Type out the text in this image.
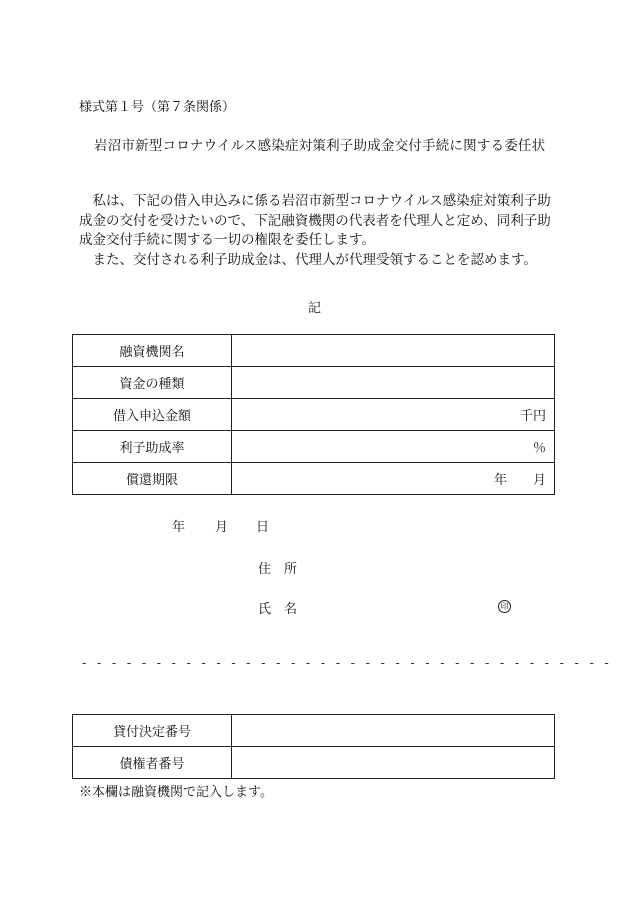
様式第１号（第７条関係）
岩沼市新型コロナウイルス感染症対策利子助成金交付手続に関する委任状

私は、下記の借入申込みに係る岩沼市新型コロナウイルス感染症対策利子助成金の交付を受けたいので、下記融資機関の代表者を代理人と定め、同利子助成金交付手続に関する一切の権限を委任します。

また、交付される利子助成金は、代理人が代理受領することを認めます。

記
融資機関名	
資金の種類	
借入申込金額	千円
利子助成率	％
償還期限	年　　月
年 月 日
住　所
氏　名	印
- - - - - - - - - - - - - - - - - - - - - - - - - - - - - - - - - - - -
貸付決定番号	
債権者番号	
※本欄は融資機関で記入します。
